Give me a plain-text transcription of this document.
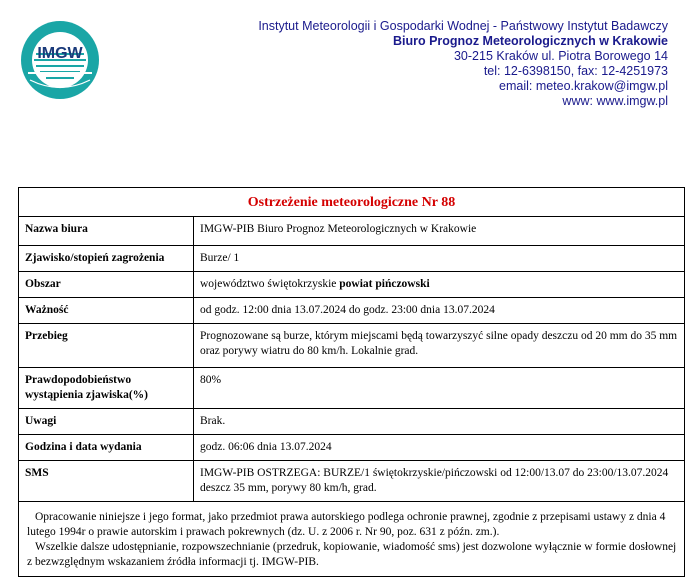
IMGW
Instytut Meteorologii i Gospodarki Wodnej - Państwowy Instytut Badawczy
Biuro Prognoz Meteorologicznych w Krakowie
30-215 Kraków ul. Piotra Borowego 14
tel: 12-6398150, fax: 12-4251973
email: meteo.krakow@imgw.pl
www: www.imgw.pl
Ostrzeżenie meteorologiczne Nr 88
Nazwa biura	IMGW-PIB Biuro Prognoz Meteorologicznych w Krakowie
Zjawisko/stopień zagrożenia	Burze/ 1
Obszar	województwo świętokrzyskie powiat pińczowski
Ważność	od godz. 12:00 dnia 13.07.2024 do godz. 23:00 dnia 13.07.2024
Przebieg	Prognozowane są burze, którym miejscami będą towarzyszyć silne opady deszczu od 20 mm do 35 mm oraz porywy wiatru do 80 km/h. Lokalnie grad.
Prawdopodobieństwo wystąpienia zjawiska(%)	80%
Uwagi	Brak.
Godzina i data wydania	godz. 06:06 dnia 13.07.2024
SMS	IMGW-PIB OSTRZEGA: BURZE/1 świętokrzyskie/pińczowski od 12:00/13.07 do 23:00/13.07.2024 deszcz 35 mm, porywy 80 km/h, grad.

Opracowanie niniejsze i jego format, jako przedmiot prawa autorskiego podlega ochronie prawnej, zgodnie z przepisami ustawy z dnia 4 lutego 1994r o prawie autorskim i prawach pokrewnych (dz. U. z 2006 r. Nr 90, poz. 631 z późn. zm.).

Wszelkie dalsze udostępnianie, rozpowszechnianie (przedruk, kopiowanie, wiadomość sms) jest dozwolone wyłącznie w formie dosłownej z bezwzględnym wskazaniem źródła informacji tj. IMGW-PIB.
